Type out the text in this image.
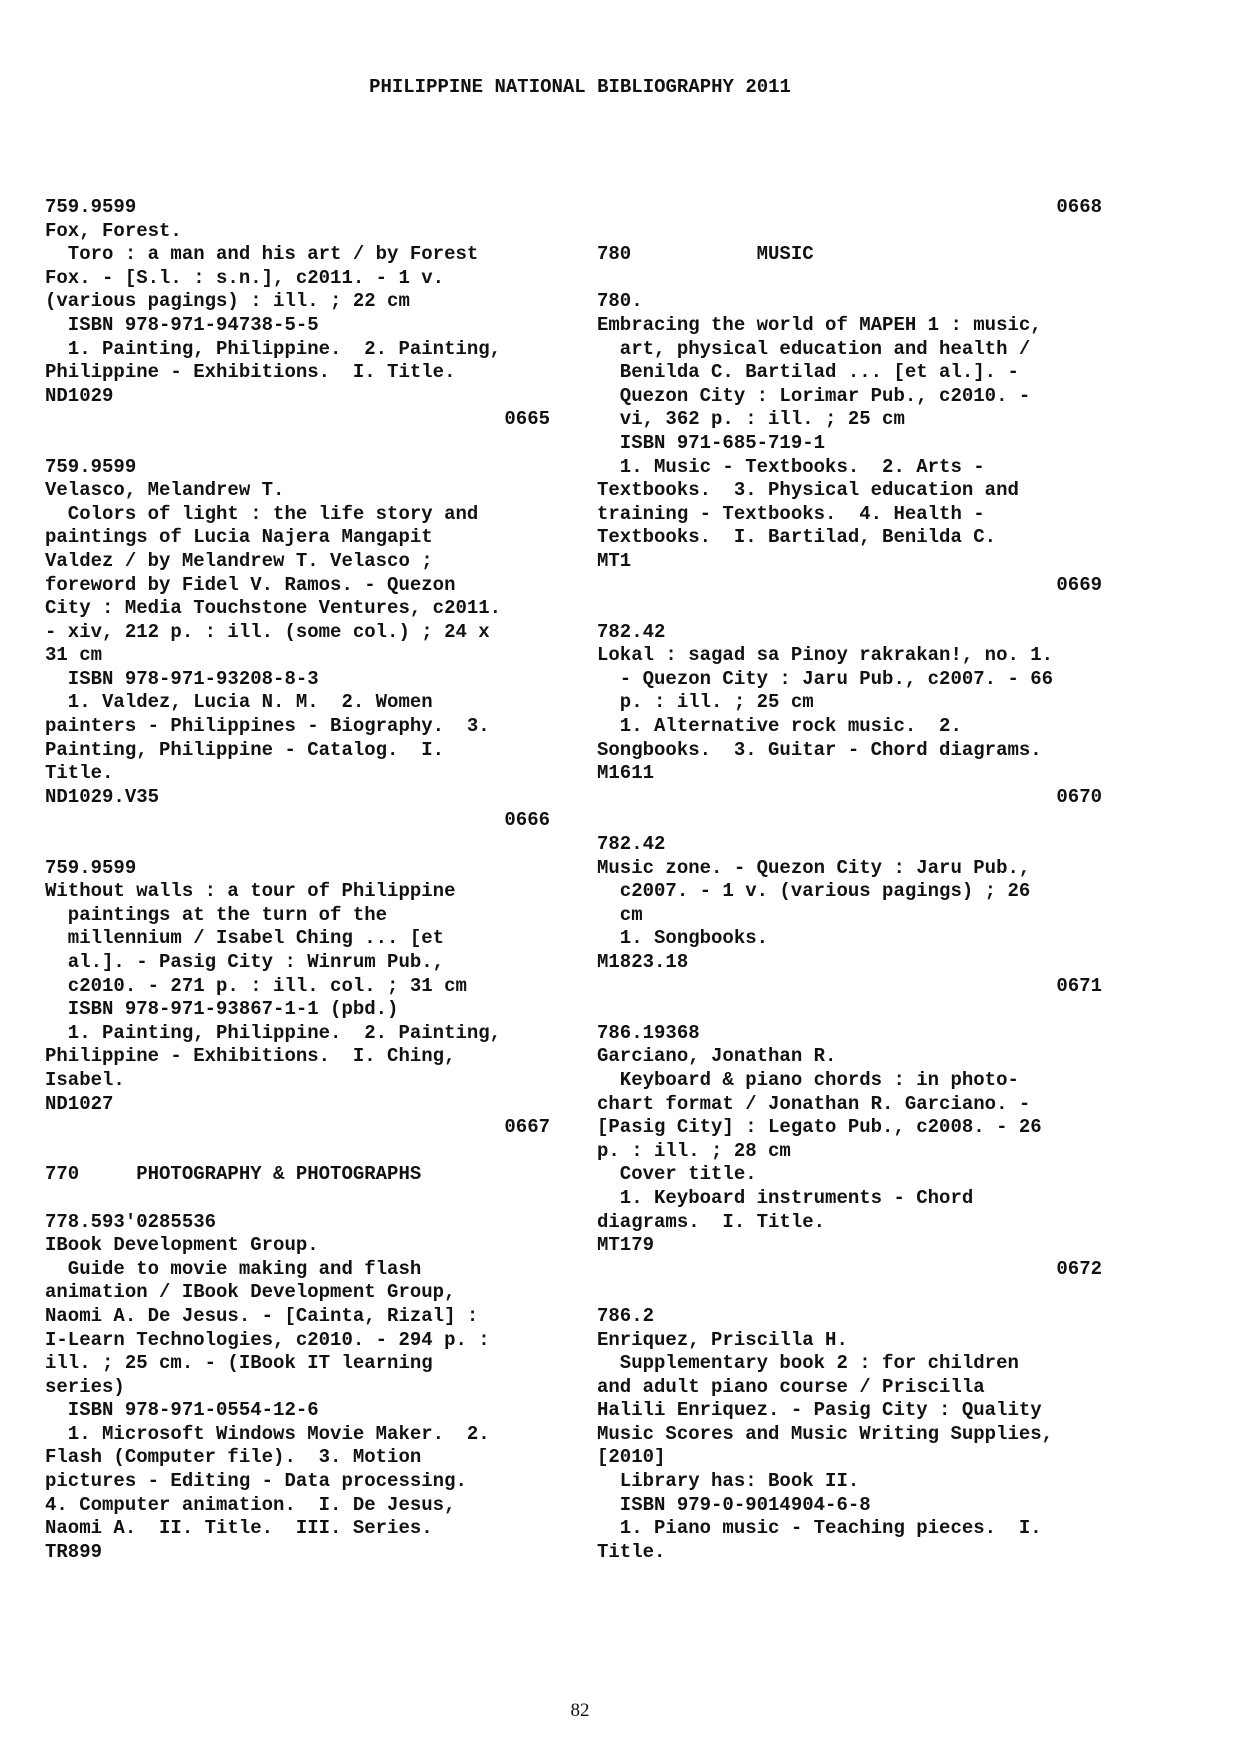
PHILIPPINE NATIONAL BIBLIOGRAPHY 2011
759.9599
Fox, Forest.
Toro : a man and his art / by Forest
Fox. - [S.l. : s.n.], c2011. - 1 v.
(various pagings) : ill. ; 22 cm
ISBN 978-971-94738-5-5
1. Painting, Philippine.  2. Painting,
Philippine - Exhibitions.  I. Title.
ND1029
0665
759.9599
Velasco, Melandrew T.
Colors of light : the life story and
paintings of Lucia Najera Mangapit
Valdez / by Melandrew T. Velasco ;
foreword by Fidel V. Ramos. - Quezon
City : Media Touchstone Ventures, c2011.
- xiv, 212 p. : ill. (some col.) ; 24 x
31 cm
ISBN 978-971-93208-8-3
1. Valdez, Lucia N. M.  2. Women
painters - Philippines - Biography.  3.
Painting, Philippine - Catalog.  I.
Title.
ND1029.V35
0666
759.9599
Without walls : a tour of Philippine
paintings at the turn of the
millennium / Isabel Ching ... [et
al.]. - Pasig City : Winrum Pub.,
c2010. - 271 p. : ill. col. ; 31 cm
ISBN 978-971-93867-1-1 (pbd.)
1. Painting, Philippine.  2. Painting,
Philippine - Exhibitions.  I. Ching,
Isabel.
ND1027
0667
770     PHOTOGRAPHY & PHOTOGRAPHS
778.593'0285536
IBook Development Group.
Guide to movie making and flash
animation / IBook Development Group,
Naomi A. De Jesus. - [Cainta, Rizal] :
I-Learn Technologies, c2010. - 294 p. :
ill. ; 25 cm. - (IBook IT learning
series)
ISBN 978-971-0554-12-6
1. Microsoft Windows Movie Maker.  2.
Flash (Computer file).  3. Motion
pictures - Editing - Data processing.
4. Computer animation.  I. De Jesus,
Naomi A.  II. Title.  III. Series.
TR899
0668
780           MUSIC
780.
Embracing the world of MAPEH 1 : music,
art, physical education and health /
Benilda C. Bartilad ... [et al.]. -
Quezon City : Lorimar Pub., c2010. -
vi, 362 p. : ill. ; 25 cm
ISBN 971-685-719-1
1. Music - Textbooks.  2. Arts -
Textbooks.  3. Physical education and
training - Textbooks.  4. Health -
Textbooks.  I. Bartilad, Benilda C.
MT1
0669
782.42
Lokal : sagad sa Pinoy rakrakan!, no. 1.
- Quezon City : Jaru Pub., c2007. - 66
p. : ill. ; 25 cm
1. Alternative rock music.  2.
Songbooks.  3. Guitar - Chord diagrams.
M1611
0670
782.42
Music zone. - Quezon City : Jaru Pub.,
c2007. - 1 v. (various pagings) ; 26
cm
1. Songbooks.
M1823.18
0671
786.19368
Garciano, Jonathan R.
Keyboard & piano chords : in photo-
chart format / Jonathan R. Garciano. -
[Pasig City] : Legato Pub., c2008. - 26
p. : ill. ; 28 cm
Cover title.
1. Keyboard instruments - Chord
diagrams.  I. Title.
MT179
0672
786.2
Enriquez, Priscilla H.
Supplementary book 2 : for children
and adult piano course / Priscilla
Halili Enriquez. - Pasig City : Quality
Music Scores and Music Writing Supplies,
[2010]
Library has: Book II.
ISBN 979-0-9014904-6-8
1. Piano music - Teaching pieces.  I.
Title.
82
